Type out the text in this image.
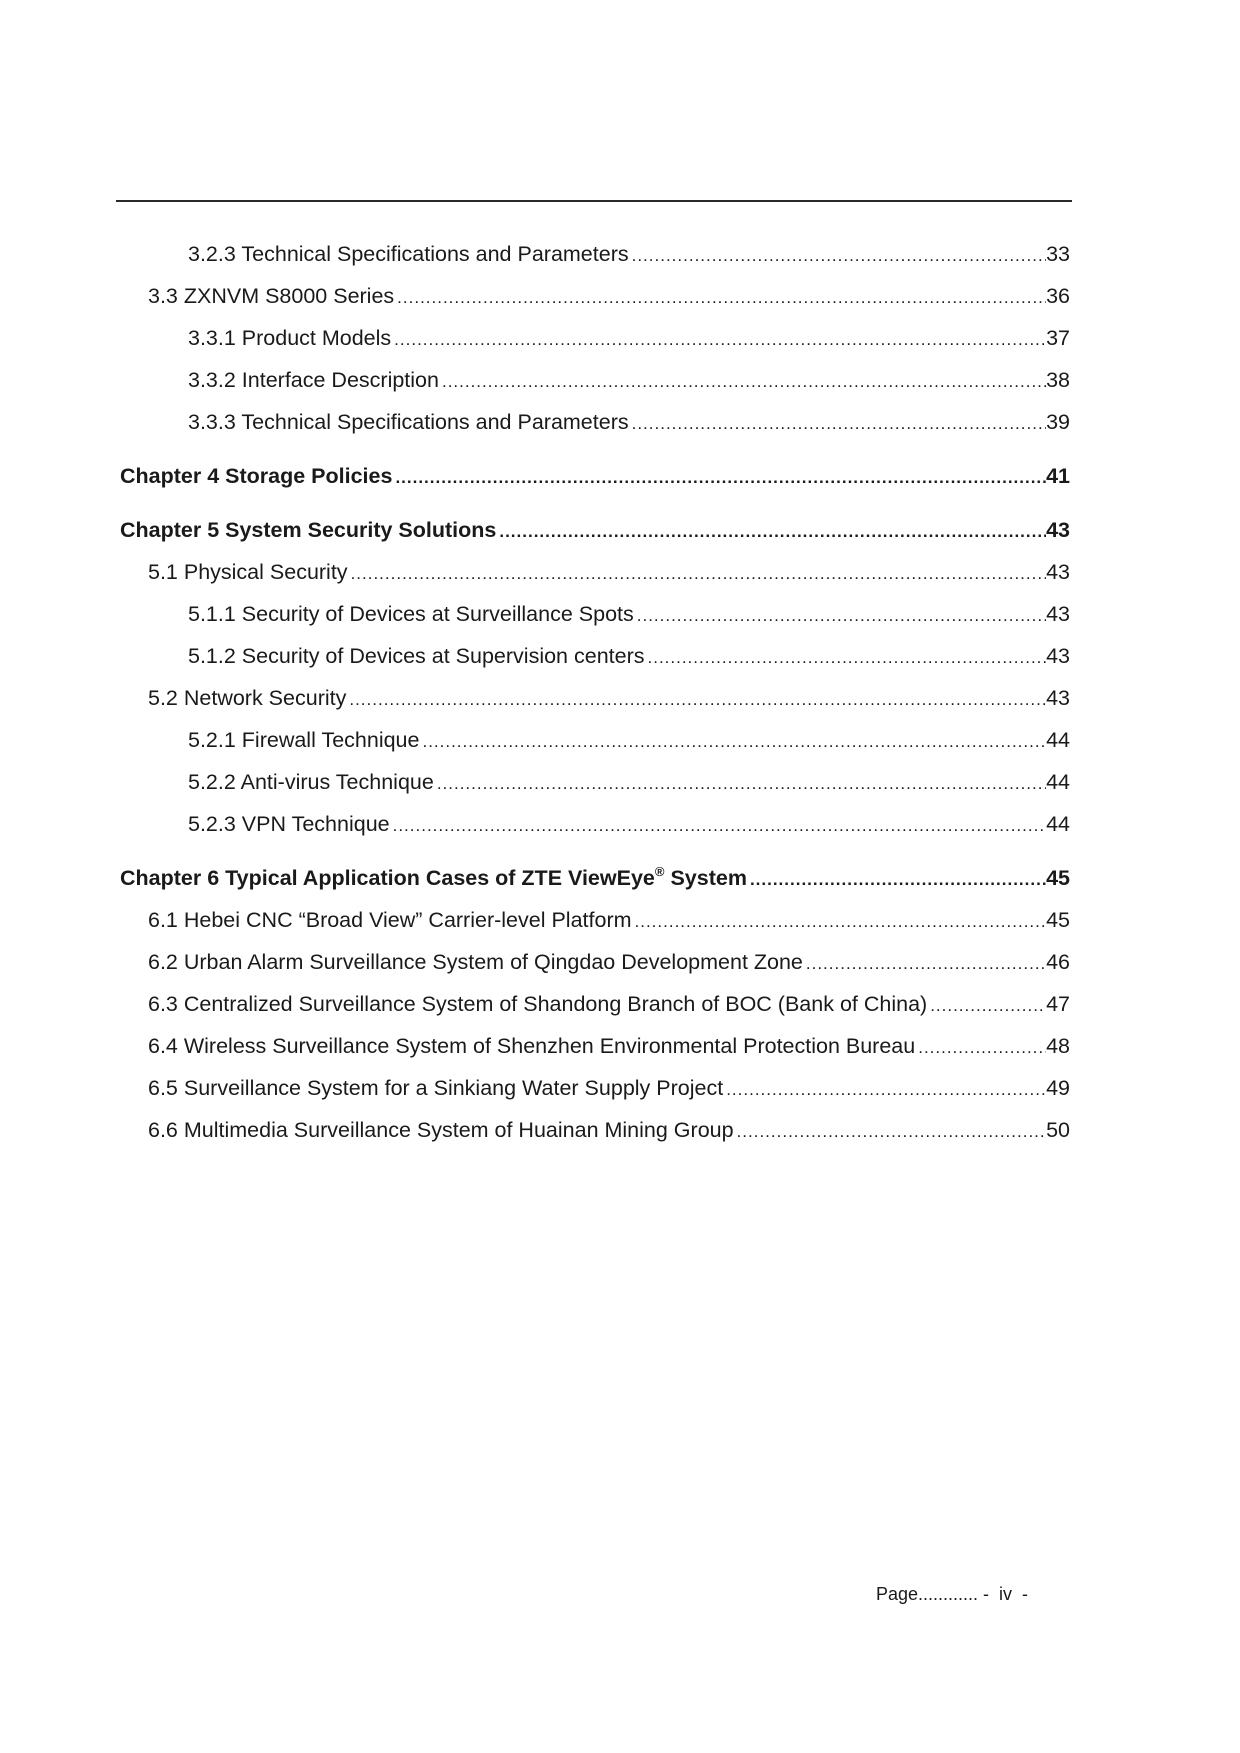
3.2.3 Technical Specifications and Parameters .....	33
3.3 ZXNVM S8000 Series .....	36
3.3.1 Product Models .....	37
3.3.2 Interface Description .....	38
3.3.3 Technical Specifications and Parameters .....	39
Chapter 4 Storage Policies .....	41
Chapter 5 System Security Solutions .....	43
5.1 Physical Security .....	43
5.1.1 Security of Devices at Surveillance Spots .....	43
5.1.2 Security of Devices at Supervision centers .....	43
5.2 Network Security .....	43
5.2.1 Firewall Technique .....	44
5.2.2 Anti-virus Technique .....	44
5.2.3 VPN Technique .....	44
Chapter 6 Typical Application Cases of ZTE ViewEye® System .....	45
6.1 Hebei CNC “Broad View” Carrier-level Platform .....	45
6.2 Urban Alarm Surveillance System of Qingdao Development Zone .....	46
6.3 Centralized Surveillance System of Shandong Branch of BOC (Bank of China) .....	47
6.4 Wireless Surveillance System of Shenzhen Environmental Protection Bureau .....	48
6.5 Surveillance System for a Sinkiang Water Supply Project .....	49
6.6 Multimedia Surveillance System of Huainan Mining Group .....	50
Page............ -  iv  -
